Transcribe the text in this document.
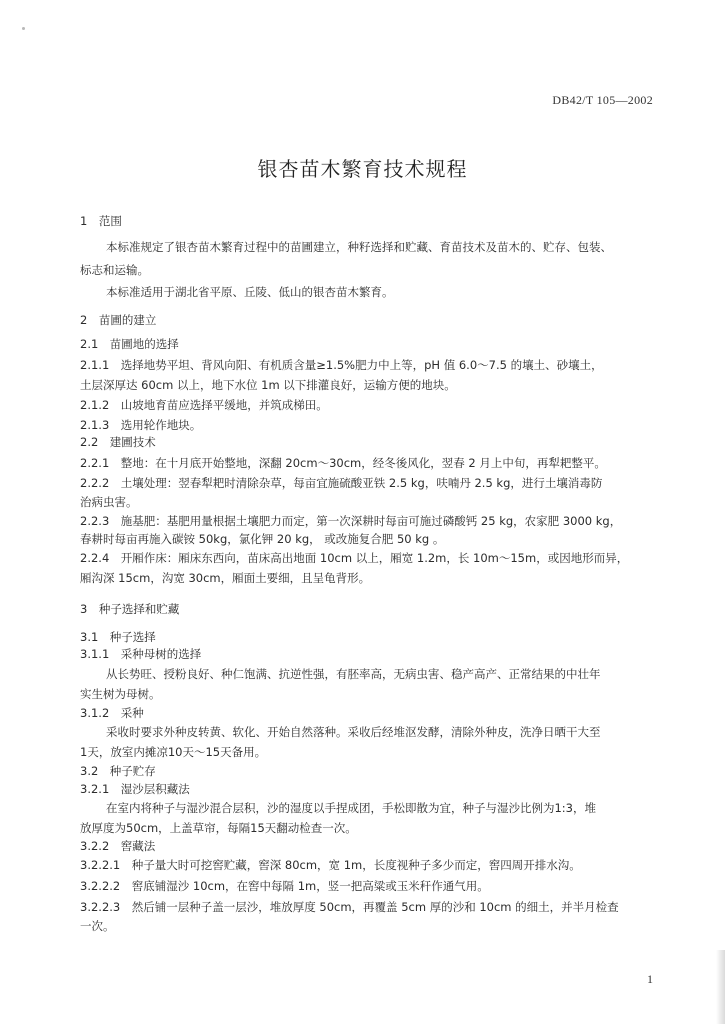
DB42/T 105—2002
银杏苗木繁育技术规程
1　范围
本标准规定了银杏苗木繁育过程中的苗圃建立，种籽选择和贮藏、育苗技术及苗木的、贮存、包装、
标志和运输。
本标准适用于湖北省平原、丘陵、低山的银杏苗木繁育。
2　苗圃的建立
2.1　苗圃地的选择
2.1.1　选择地势平坦、背风向阳、有机质含量≥1.5%肥力中上等，pH 值 6.0～7.5 的壤土、砂壤土，
土层深厚达 60cm 以上，地下水位 1m 以下排灌良好，运输方便的地块。
2.1.2　山坡地育苗应选择平缓地，并筑成梯田。
2.1.3　选用轮作地块。
2.2　建圃技术
2.2.1　整地：在十月底开始整地，深翻 20cm～30cm，经冬後风化，翌春 2 月上中旬，再犁耙整平。
2.2.2　土壤处理：翌春犁耙时清除杂草，每亩宜施硫酸亚铁 2.5 kg，呋喃丹 2.5 kg，进行土壤消毒防
治病虫害。
2.2.3　施基肥：基肥用量根据土壤肥力而定，第一次深耕时每亩可施过磷酸钙 25 kg，农家肥 3000 kg，
春耕时每亩再施入碳铵 50kg，氯化钾 20 kg， 或改施复合肥 50 kg 。
2.2.4　开厢作床：厢床东西向，苗床高出地面 10cm 以上，厢宽 1.2m，长 10m～15m，或因地形而异，
厢沟深 15cm，沟宽 30cm，厢面土要细，且呈龟背形。
3　种子选择和贮藏
3.1　种子选择
3.1.1　采种母树的选择
从长势旺、授粉良好、种仁饱满、抗逆性强，有胚率高，无病虫害、稳产高产、正常结果的中壮年
实生树为母树。
3.1.2　采种
采收时要求外种皮转黄、软化、开始自然落种。采收后经堆沤发酵，清除外种皮，洗净日晒干大至
1天，放室内摊凉10天～15天备用。
3.2　种子贮存
3.2.1　湿沙层积藏法
在室内将种子与湿沙混合层积，沙的湿度以手捏成团，手松即散为宜，种子与湿沙比例为1:3，堆
放厚度为50cm，上盖草帘，每隔15天翻动检查一次。
3.2.2　窖藏法
3.2.2.1　种子量大时可挖窖贮藏，窖深 80cm，宽 1m，长度视种子多少而定，窖四周开排水沟。
3.2.2.2　窖底铺湿沙 10cm，在窖中每隔 1m，竖一把高粱或玉米秆作通气用。
3.2.2.3　然后铺一层种子盖一层沙，堆放厚度 50cm，再覆盖 5cm 厚的沙和 10cm 的细土，并半月检查
一次。
1
